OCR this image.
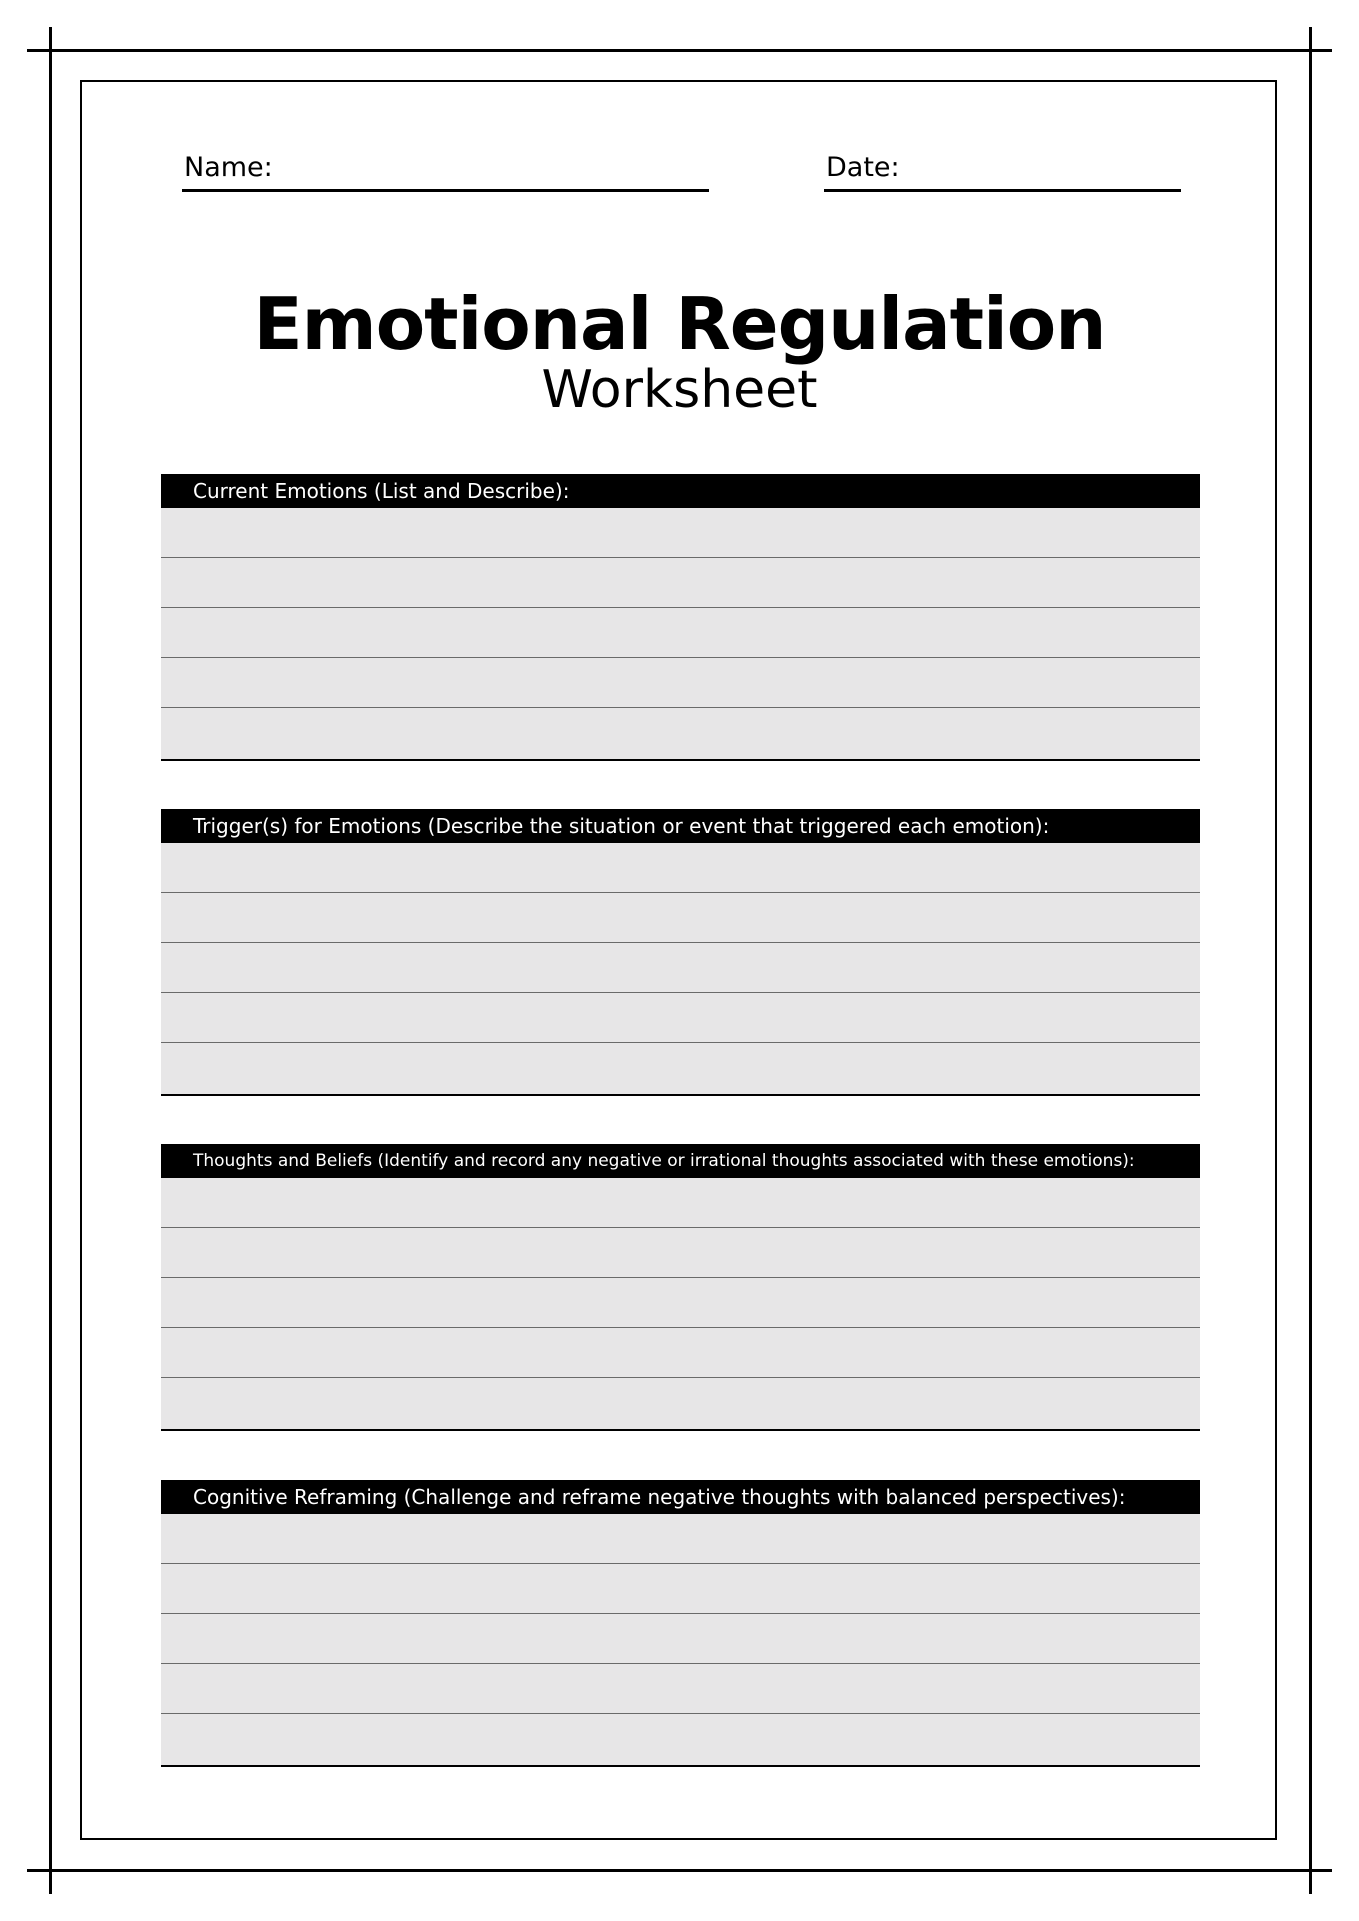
Name:	Date:
Emotional Regulation
Worksheet
Current Emotions (List and Describe):
Trigger(s) for Emotions (Describe the situation or event that triggered each emotion):
Thoughts and Beliefs (Identify and record any negative or irrational thoughts associated with these emotions):
Cognitive Reframing (Challenge and reframe negative thoughts with balanced perspectives):
